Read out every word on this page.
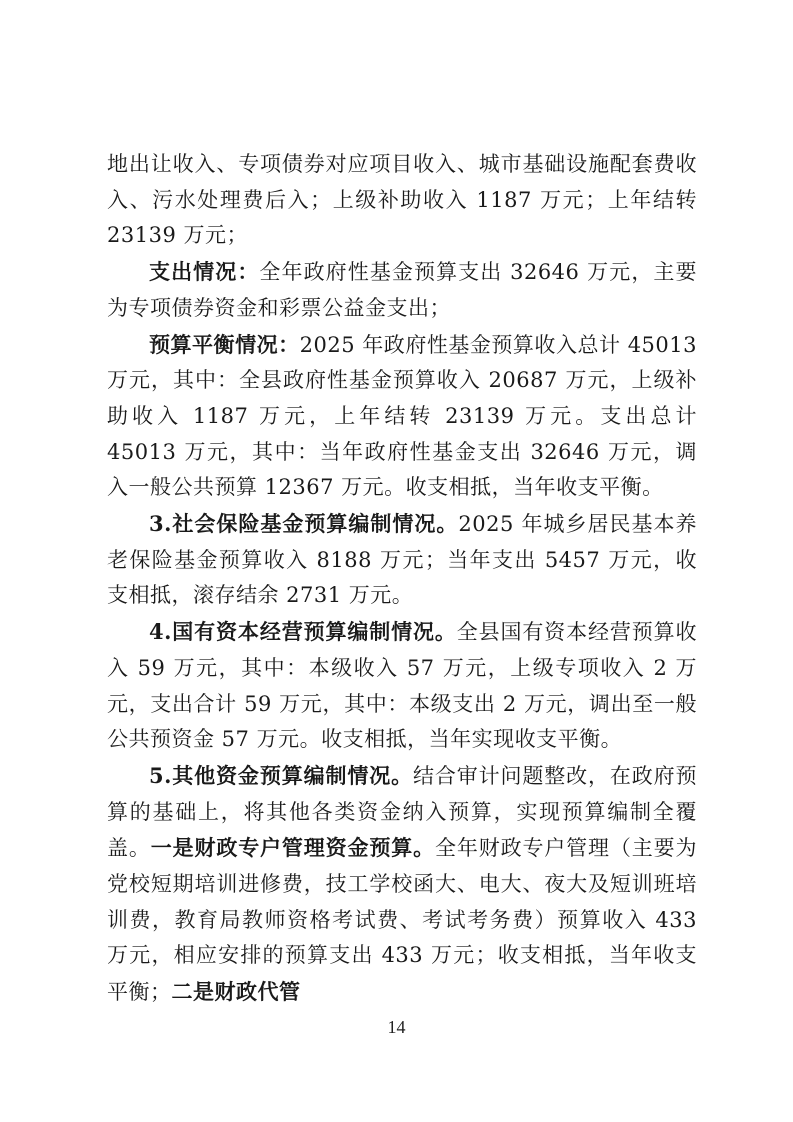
地出让收入、专项债券对应项目收入、城市基础设施配套费收入、污水处理费后入；上级补助收入 1187 万元；上年结转 23139 万元；

支出情况：全年政府性基金预算支出 32646 万元，主要为专项债券资金和彩票公益金支出；

预算平衡情况：2025 年政府性基金预算收入总计 45013 万元，其中：全县政府性基金预算收入 20687 万元，上级补助收入 1187 万元，上年结转 23139 万元。支出总计 45013 万元，其中：当年政府性基金支出 32646 万元，调入一般公共预算 12367 万元。收支相抵，当年收支平衡。

3.社会保险基金预算编制情况。2025 年城乡居民基本养老保险基金预算收入 8188 万元；当年支出 5457 万元，收支相抵，滚存结余 2731 万元。

4.国有资本经营预算编制情况。全县国有资本经营预算收入 59 万元，其中：本级收入 57 万元，上级专项收入 2 万元，支出合计 59 万元，其中：本级支出 2 万元，调出至一般公共预资金 57 万元。收支相抵，当年实现收支平衡。

5.其他资金预算编制情况。结合审计问题整改，在政府预算的基础上，将其他各类资金纳入预算，实现预算编制全覆盖。一是财政专户管理资金预算。全年财政专户管理（主要为党校短期培训进修费，技工学校函大、电大、夜大及短训班培训费，教育局教师资格考试费、考试考务费）预算收入 433 万元，相应安排的预算支出 433 万元；收支相抵，当年收支平衡；二是财政代管

14
